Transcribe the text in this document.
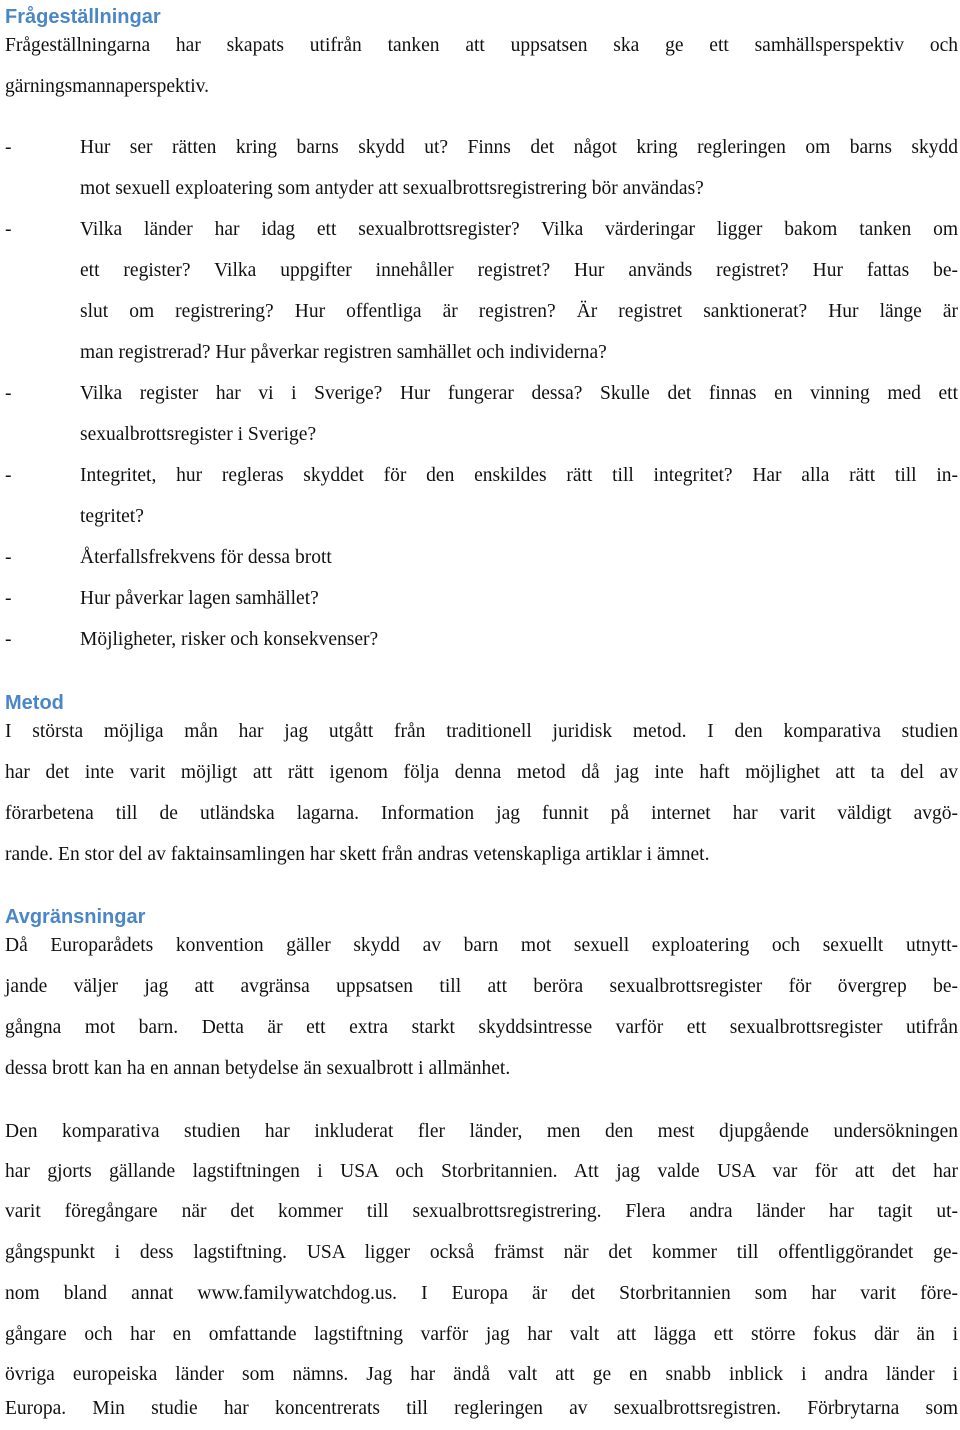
Frågeställningar
Frågeställningarna har skapats utifrån tanken att uppsatsen ska ge ett samhällsperspektiv och
gärningsmannaperspektiv.
-	Hur ser rätten kring barns skydd ut? Finns det något kring regleringen om barns skydd
mot sexuell exploatering som antyder att sexualbrottsregistrering bör användas?
-	Vilka länder har idag ett sexualbrottsregister? Vilka värderingar ligger bakom tanken om
ett register? Vilka uppgifter innehåller registret? Hur används registret? Hur fattas be-
slut om registrering? Hur offentliga är registren? Är registret sanktionerat? Hur länge är
man registrerad? Hur påverkar registren samhället och individerna?
-	Vilka register har vi i Sverige? Hur fungerar dessa? Skulle det finnas en vinning med ett
sexualbrottsregister i Sverige?
-	Integritet, hur regleras skyddet för den enskildes rätt till integritet? Har alla rätt till in-
tegritet?
-	Återfallsfrekvens för dessa brott
-	Hur påverkar lagen samhället?
-	Möjligheter, risker och konsekvenser?
Metod
I största möjliga mån har jag utgått från traditionell juridisk metod. I den komparativa studien
har det inte varit möjligt att rätt igenom följa denna metod då jag inte haft möjlighet att ta del av
förarbetena till de utländska lagarna. Information jag funnit på internet har varit väldigt avgö-
rande. En stor del av faktainsamlingen har skett från andras vetenskapliga artiklar i ämnet.
Avgränsningar
Då Europarådets konvention gäller skydd av barn mot sexuell exploatering och sexuellt utnytt-
jande väljer jag att avgränsa uppsatsen till att beröra sexualbrottsregister för övergrep be-
gångna mot barn. Detta är ett extra starkt skyddsintresse varför ett sexualbrottsregister utifrån
dessa brott kan ha en annan betydelse än sexualbrott i allmänhet.
Den komparativa studien har inkluderat fler länder, men den mest djupgående undersökningen
har gjorts gällande lagstiftningen i USA och Storbritannien. Att jag valde USA var för att det har
varit föregångare när det kommer till sexualbrottsregistrering. Flera andra länder har tagit ut-
gångspunkt i dess lagstiftning. USA ligger också främst när det kommer till offentliggörandet ge-
nom bland annat www.familywatchdog.us. I Europa är det Storbritannien som har varit före-
gångare och har en omfattande lagstiftning varför jag har valt att lägga ett större fokus där än i
övriga europeiska länder som nämns. Jag har ändå valt att ge en snabb inblick i andra länder i
Europa. Min studie har koncentrerats till regleringen av sexualbrottsregistren. Förbrytarna som
